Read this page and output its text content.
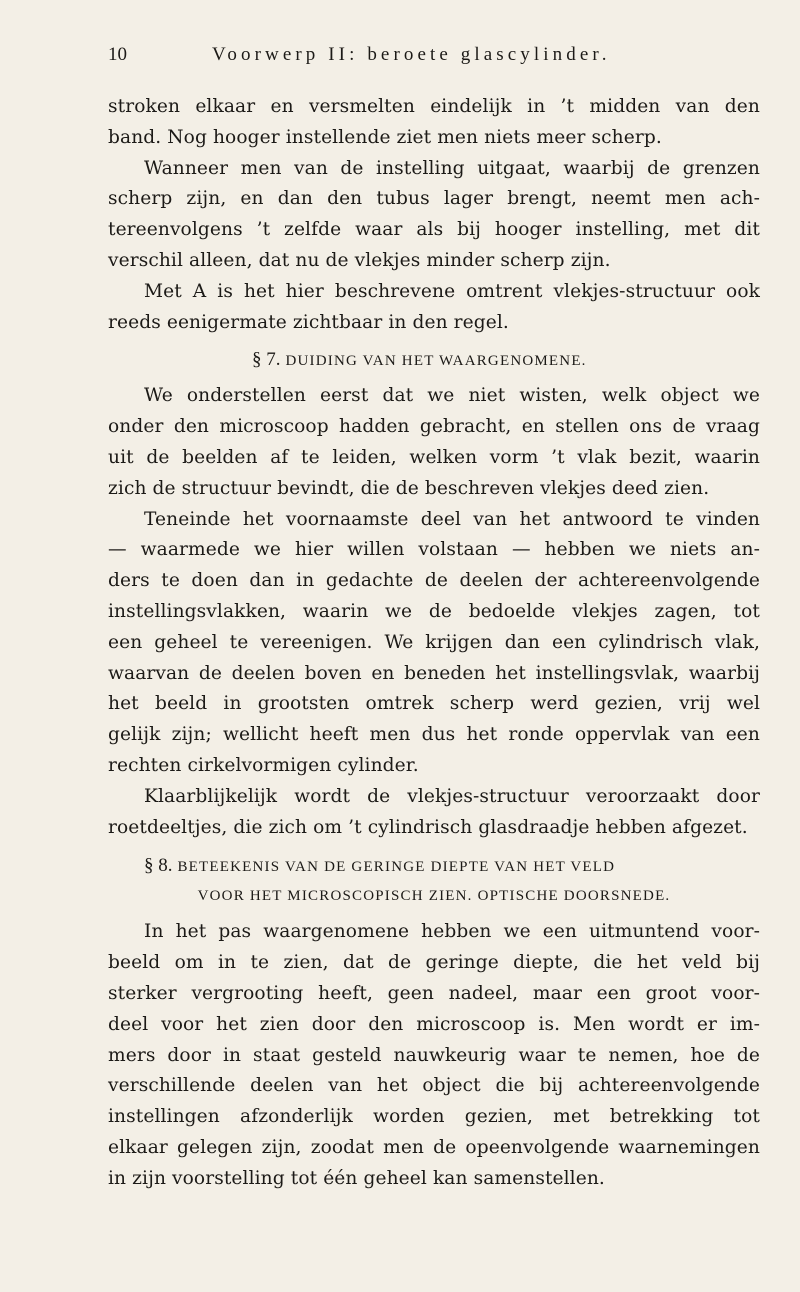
10	Voorwerp II: beroete glascylinder.
stroken elkaar en versmelten eindelijk in ’t midden van den
band. Nog hooger instellende ziet men niets meer scherp.
Wanneer men van de instelling uitgaat, waarbij de grenzen
scherp zijn, en dan den tubus lager brengt, neemt men ach-
tereenvolgens ’t zelfde waar als bij hooger instelling, met dit
verschil alleen, dat nu de vlekjes minder scherp zijn.
Met A is het hier beschrevene omtrent vlekjes-structuur ook
reeds eenigermate zichtbaar in den regel.
§ 7. DUIDING VAN HET WAARGENOMENE.
We onderstellen eerst dat we niet wisten, welk object we
onder den microscoop hadden gebracht, en stellen ons de vraag
uit de beelden af te leiden, welken vorm ’t vlak bezit, waarin
zich de structuur bevindt, die de beschreven vlekjes deed zien.
Teneinde het voornaamste deel van het antwoord te vinden
— waarmede we hier willen volstaan — hebben we niets an-
ders te doen dan in gedachte de deelen der achtereenvolgende
instellingsvlakken, waarin we de bedoelde vlekjes zagen, tot
een geheel te vereenigen. We krijgen dan een cylindrisch vlak,
waarvan de deelen boven en beneden het instellingsvlak, waarbij
het beeld in grootsten omtrek scherp werd gezien, vrij wel
gelijk zijn; wellicht heeft men dus het ronde oppervlak van een
rechten cirkelvormigen cylinder.
Klaarblijkelijk wordt de vlekjes-structuur veroorzaakt door
roetdeeltjes, die zich om ’t cylindrisch glasdraadje hebben afgezet.
§ 8. BETEEKENIS VAN DE GERINGE DIEPTE VAN HET VELD
VOOR HET MICROSCOPISCH ZIEN. OPTISCHE DOORSNEDE.
In het pas waargenomene hebben we een uitmuntend voor-
beeld om in te zien, dat de geringe diepte, die het veld bij
sterker vergrooting heeft, geen nadeel, maar een groot voor-
deel voor het zien door den microscoop is. Men wordt er im-
mers door in staat gesteld nauwkeurig waar te nemen, hoe de
verschillende deelen van het object die bij achtereenvolgende
instellingen afzonderlijk worden gezien, met betrekking tot
elkaar gelegen zijn, zoodat men de opeenvolgende waarnemingen
in zijn voorstelling tot één geheel kan samenstellen.
